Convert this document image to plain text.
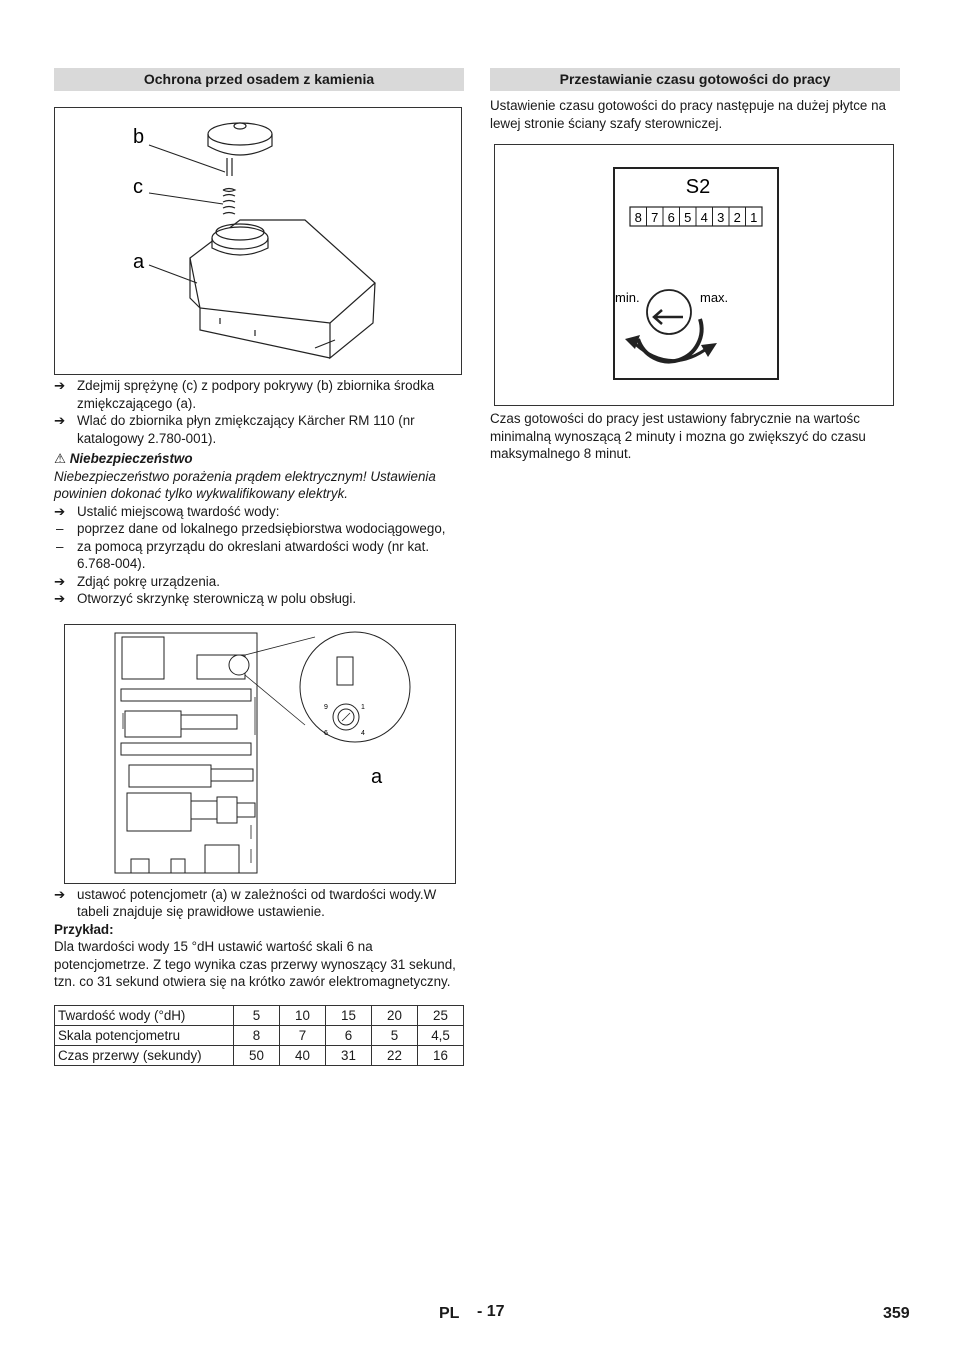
Ochrona przed osadem z kamienia
b
c
a
➔ Zdejmij sprężynę (c) z podpory pokrywy (b) zbiornika środka zmiękczającego (a).
➔ Wlać do zbiornika płyn zmiękczający Kärcher RM 110 (nr katalogowy 2.780-001).
⚠ Niebezpieczeństwo

Niebezpieczeństwo porażenia prądem elektrycznym! Ustawienia powinien dokonać tylko wykwalifikowany elektryk.

➔ Ustalić miejscową twardość wody:
– poprzez dane od lokalnego przedsiębiorstwa wodociągowego,
– za pomocą przyrządu do okreslani atwardości wody (nr kat. 6.768-004).
➔ Zdjąć pokrę urządzenia.
➔ Otworzyć skrzynkę sterowniczą w polu obsługi.
9	1
6	4
a
➔ ustawoć potencjometr (a) w zależności od twardości wody.W tabeli znajduje się prawidłowe ustawienie.

Przykład:

Dla twardości wody 15 °dH ustawić wartość skali 6 na potencjometrze. Z tego wynika czas przerwy wynoszący 31 sekund, tzn. co 31 sekund otwiera się na krótko zawór elektromagnetyczny.

Twardość wody (°dH)	5	10	15	20	25
Skala potencjometru	8	7	6	5	4,5
Czas przerwy (sekundy)	50	40	31	22	16
Przestawianie czasu gotowości do pracy

Ustawienie czasu gotowości do pracy następuje na dużej płytce na lewej stronie ściany szafy sterowniczej.

S2
8 7 6 5 4 3 2 1
min.	max.

Czas gotowości do pracy jest ustawiony fabrycznie na wartośc minimalną wynoszącą 2 minuty i mozna go zwiększyć do czasu maksymalnego 8 minut.

PL - 17	359
